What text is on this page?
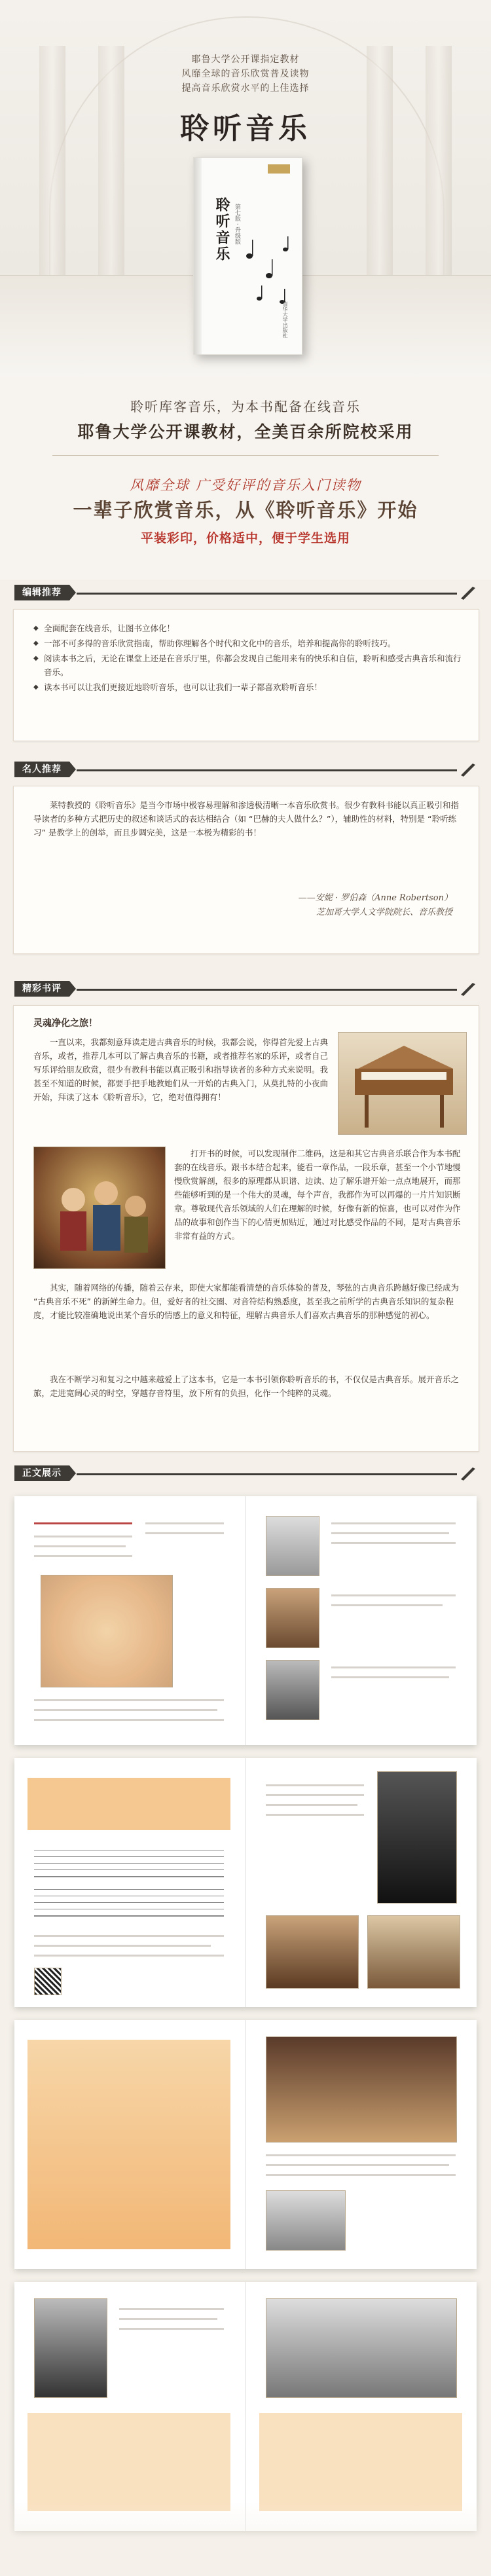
耶鲁大学公开课指定教材

风靡全球的音乐欣赏普及读物

提高音乐欣赏水平的上佳选择

聆听音乐
聆听音乐 第七版 · 升级版
清华大学出版社
聆听库客音乐，为本书配备在线音乐
耶鲁大学公开课教材，全美百余所院校采用
风靡全球 广受好评的音乐入门读物
一辈子欣赏音乐，从《聆听音乐》开始
平装彩印，价格适中，便于学生选用
编辑推荐
◆ 全面配套在线音乐，让图书立体化！
◆ 一部不可多得的音乐欣赏指南，帮助你理解各个时代和文化中的音乐，培养和提高你的聆听技巧。
◆ 阅读本书之后，无论在课堂上还是在音乐厅里，你都会发现自己能用来有的快乐和自信，聆听和感受古典音乐和流行音乐。
◆ 读本书可以让我们更接近地聆听音乐，也可以让我们一辈子都喜欢聆听音乐！
名人推荐

莱特教授的《聆听音乐》是当今市场中极容易理解和渗透极清晰一本音乐欣赏书。很少有教科书能以真正吸引和指导读者的多种方式把历史的叙述和谈话式的表达相结合（如 “巴赫的夫人做什么？”），辅助性的材料，特别是 “聆听练习” 是教学上的创举，而且步调完美，这是一本极为精彩的书！

——安妮 · 罗伯森（Anne Robertson）
芝加哥大学人文学院院长、音乐教授
精彩书评
灵魂净化之旅！

一直以来，我都刻意拜读走进古典音乐的时候，我都会说，你得首先爱上古典音乐，或者，推荐几本可以了解古典音乐的书籍，或者推荐名家的乐评，或者自己写乐评给朋友欣赏，很少有教科书能以真正吸引和指导读者的多种方式来说明。我甚至不知道的时候，都要手把手地教她们从一开始的古典入门，从莫扎特的小夜曲开始，拜读了这本《聆听音乐》，它，绝对值得拥有！

打开书的时候，可以发现制作二维码，这是和其它古典音乐联合作为本书配套的在线音乐。跟书本结合起来，能看一章作品，一段乐章，甚至一个小节地慢慢欣赏解剖，很多的原理都从识谱、边读、边了解乐谱开始一点点地展开，而那些能够听到的是一个伟大的灵魂，每个声音，我都作为可以再爆的一片片知识断章。尊敬现代音乐领域的人们在理解的时候，好像有新的惊喜，也可以对作为作品的故事和创作当下的心情更加贴近，通过对比感受作品的不同，是对古典音乐非常有益的方式。

其实，随着网络的传播，随着云存来，即使大家都能看清楚的音乐体验的普及，琴弦的古典音乐跨越好像已经成为 “古典音乐不死” 的新鲜生命力。但，爱好者的社交圈、对音符结构熟悉度，甚至我之前所学的古典音乐知识的复杂程度，才能比较准确地说出某个音乐的情感上的意义和特征，理解古典音乐人们喜欢古典音乐的那种感觉的初心。

我在不断学习和复习之中越来越爱上了这本书，它是一本书引领你聆听音乐的书，不仅仅是古典音乐。展开音乐之旅，走进宽阔心灵的时空，穿越存音符里，放下所有的负担，化作一个纯粹的灵魂。

正文展示
